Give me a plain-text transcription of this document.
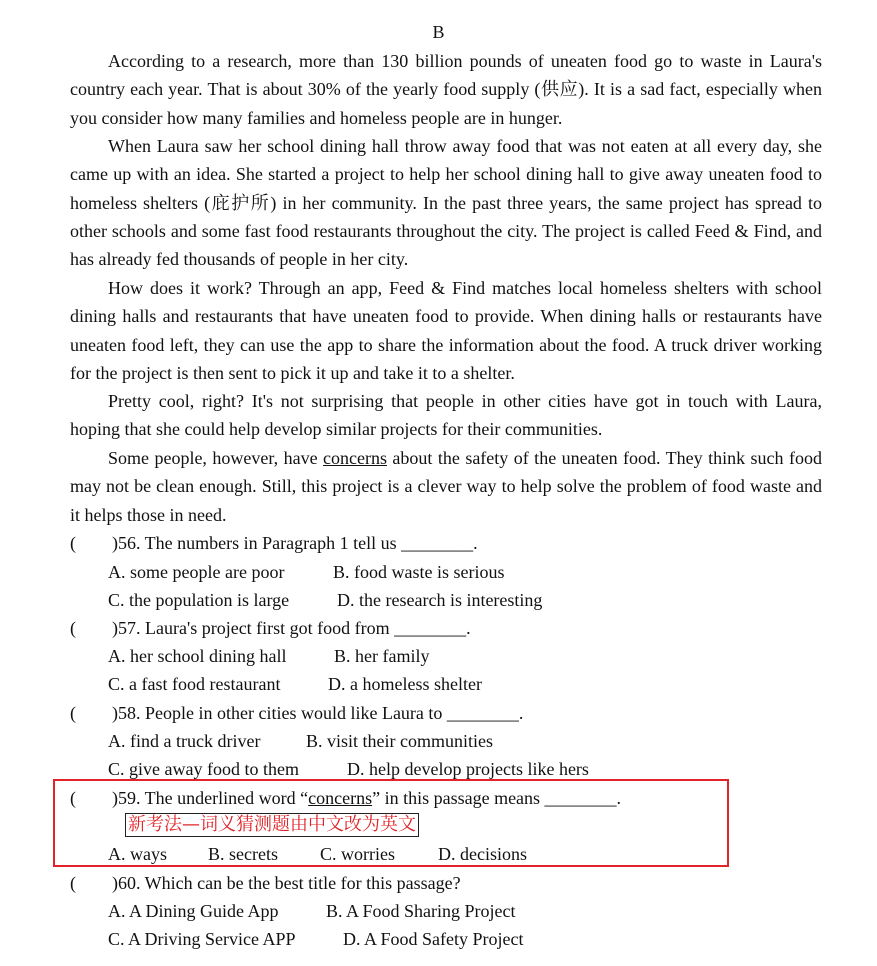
B

According to a research, more than 130 billion pounds of uneaten food go to waste in Laura's country each year. That is about 30% of the yearly food supply (供应). It is a sad fact, especially when you consider how many families and homeless people are in hunger.

When Laura saw her school dining hall throw away food that was not eaten at all every day, she came up with an idea. She started a project to help her school dining hall to give away uneaten food to homeless shelters (庇护所) in her community. In the past three years, the same project has spread to other schools and some fast food restaurants throughout the city. The project is called Feed & Find, and has already fed thousands of people in her city.

How does it work? Through an app, Feed & Find matches local homeless shelters with school dining halls and restaurants that have uneaten food to provide. When dining halls or restaurants have uneaten food left, they can use the app to share the information about the food. A truck driver working for the project is then sent to pick it up and take it to a shelter.

Pretty cool, right? It's not surprising that people in other cities have got in touch with Laura, hoping that she could help develop similar projects for their communities.

Some people, however, have concerns about the safety of the uneaten food. They think such food may not be clean enough. Still, this project is a clever way to help solve the problem of food waste and it helps those in need.

( )56. The numbers in Paragraph 1 tell us ________.
A. some people are poor	B. food waste is serious
C. the population is large	D. the research is interesting
( )57. Laura's project first got food from ________.
A. her school dining hall	B. her family
C. a fast food restaurant	D. a homeless shelter
( )58. People in other cities would like Laura to ________.
A. find a truck driver	B. visit their communities
C. give away food to them	D. help develop projects like hers
( )59. The underlined word “concerns” in this passage means ________.
新考法—词义猜测题由中文改为英文
A. ways B. secrets C. worries D. decisions
( )60. Which can be the best title for this passage?
A. A Dining Guide App	B. A Food Sharing Project
C. A Driving Service APP	D. A Food Safety Project
